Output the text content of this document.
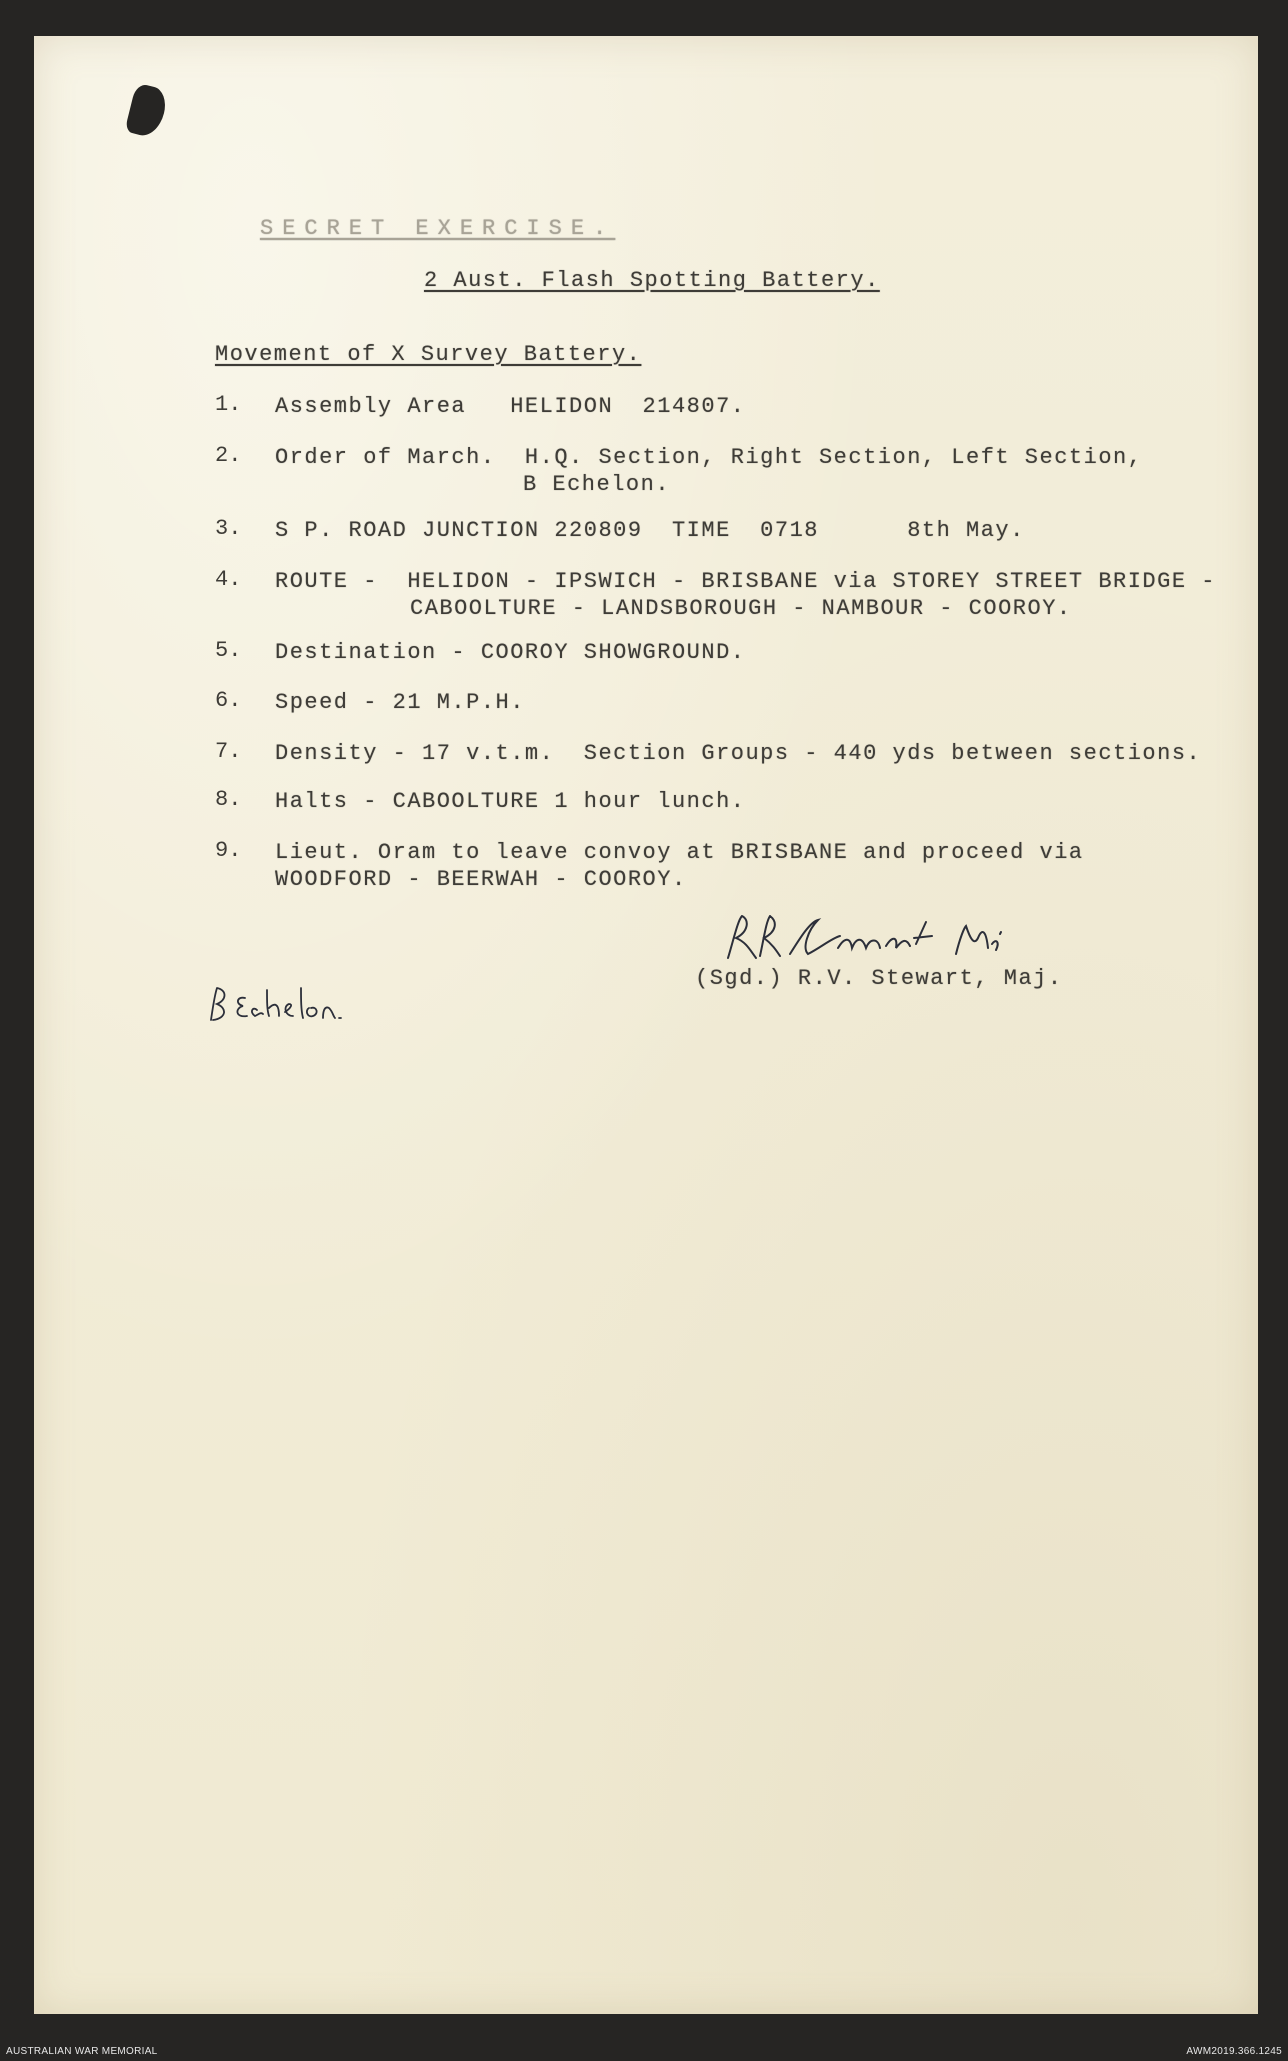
SECRET EXERCISE.
2 Aust. Flash Spotting Battery.
Movement of X Survey Battery.
1. Assembly Area   HELIDON  214807.
2. Order of March.  H.Q. Section, Right Section, Left Section,
B Echelon.
3. S P. ROAD JUNCTION 220809  TIME  0718      8th May.
4. ROUTE -  HELIDON - IPSWICH - BRISBANE via STOREY STREET BRIDGE -
CABOOLTURE - LANDSBOROUGH - NAMBOUR - COOROY.
5. Destination - COOROY SHOWGROUND.
6. Speed - 21 M.P.H.
7. Density - 17 v.t.m.  Section Groups - 440 yds between sections.
8. Halts - CABOOLTURE 1 hour lunch.
9. Lieut. Oram to leave convoy at BRISBANE and proceed via
WOODFORD - BEERWAH - COOROY.
R.V. Stewart Maj
(Sgd.) R.V. Stewart, Maj.
B Echelon
AUSTRALIAN WAR MEMORIAL	AWM2019.366.1245
